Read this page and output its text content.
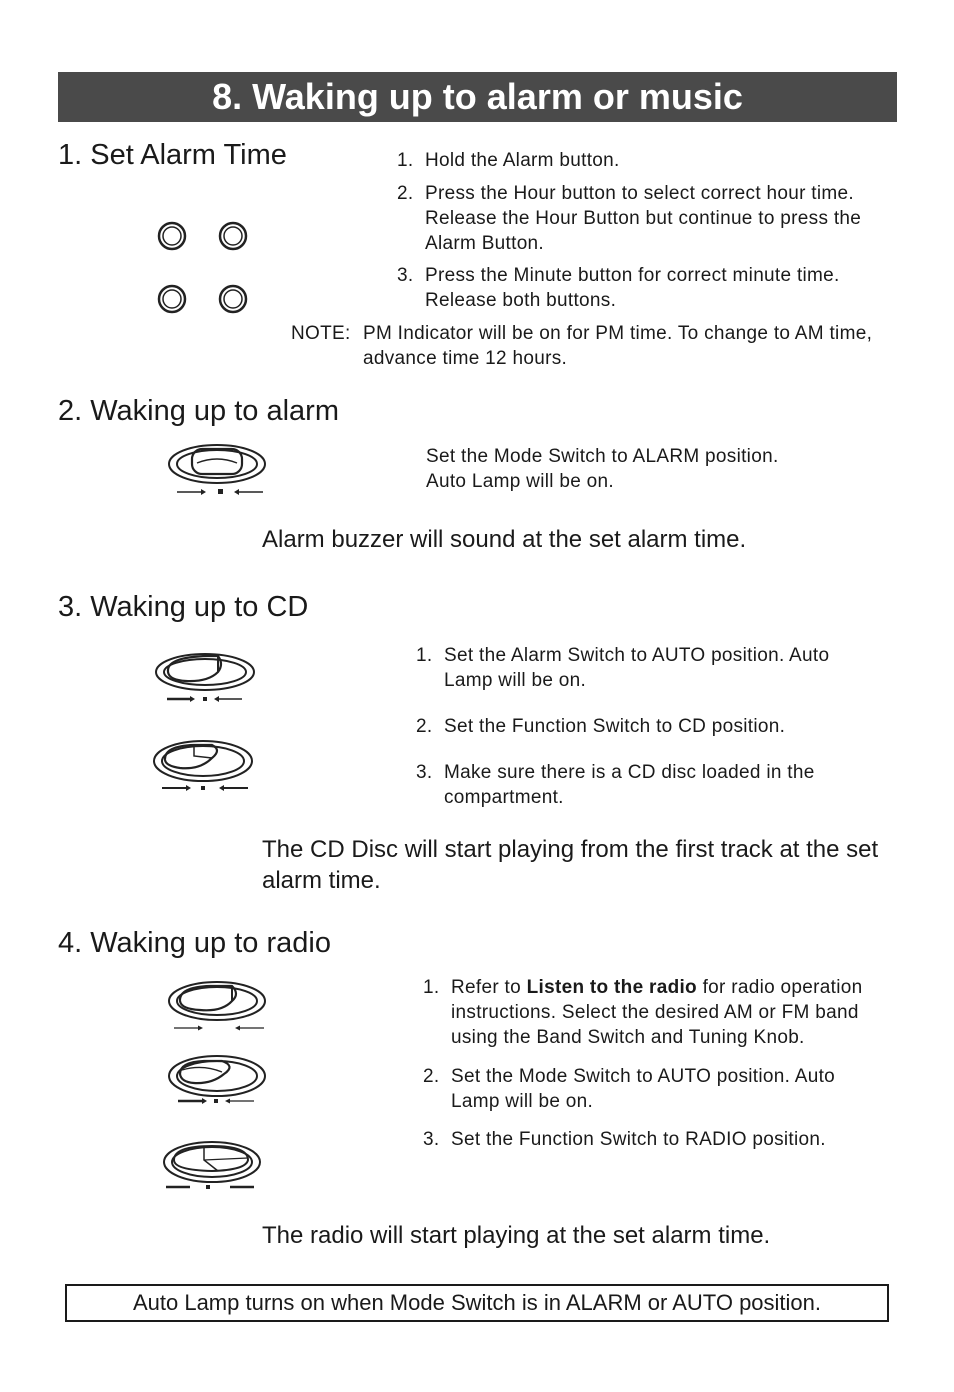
8. Waking up to alarm or music
1. Set Alarm Time	1. Hold the Alarm button.
2. Press the Hour button to select correct hour time. Release the Hour Button but continue to press the Alarm Button.
3. Press the Minute button for correct minute time. Release both buttons.
NOTE: PM Indicator will be on for PM time. To change to AM time, advance time 12 hours.
2. Waking up to alarm
Set the Mode Switch to ALARM position.
Auto Lamp will be on.
Alarm buzzer will sound at the set alarm time.
3. Waking up to CD
1. Set the Alarm Switch to AUTO position. Auto Lamp will be on.
2. Set the Function Switch to CD position.
3. Make sure there is a CD disc loaded in the compartment.
The CD Disc will start playing from the first track at the set alarm time.
4. Waking up to radio
1. Refer to Listen to the radio for radio operation instructions. Select the desired AM or FM band using the Band Switch and Tuning Knob.
2. Set the Mode Switch to AUTO position. Auto Lamp will be on.
3. Set the Function Switch to RADIO position.
The radio will start playing at the set alarm time.
Auto Lamp turns on when Mode Switch is in ALARM or AUTO position.
